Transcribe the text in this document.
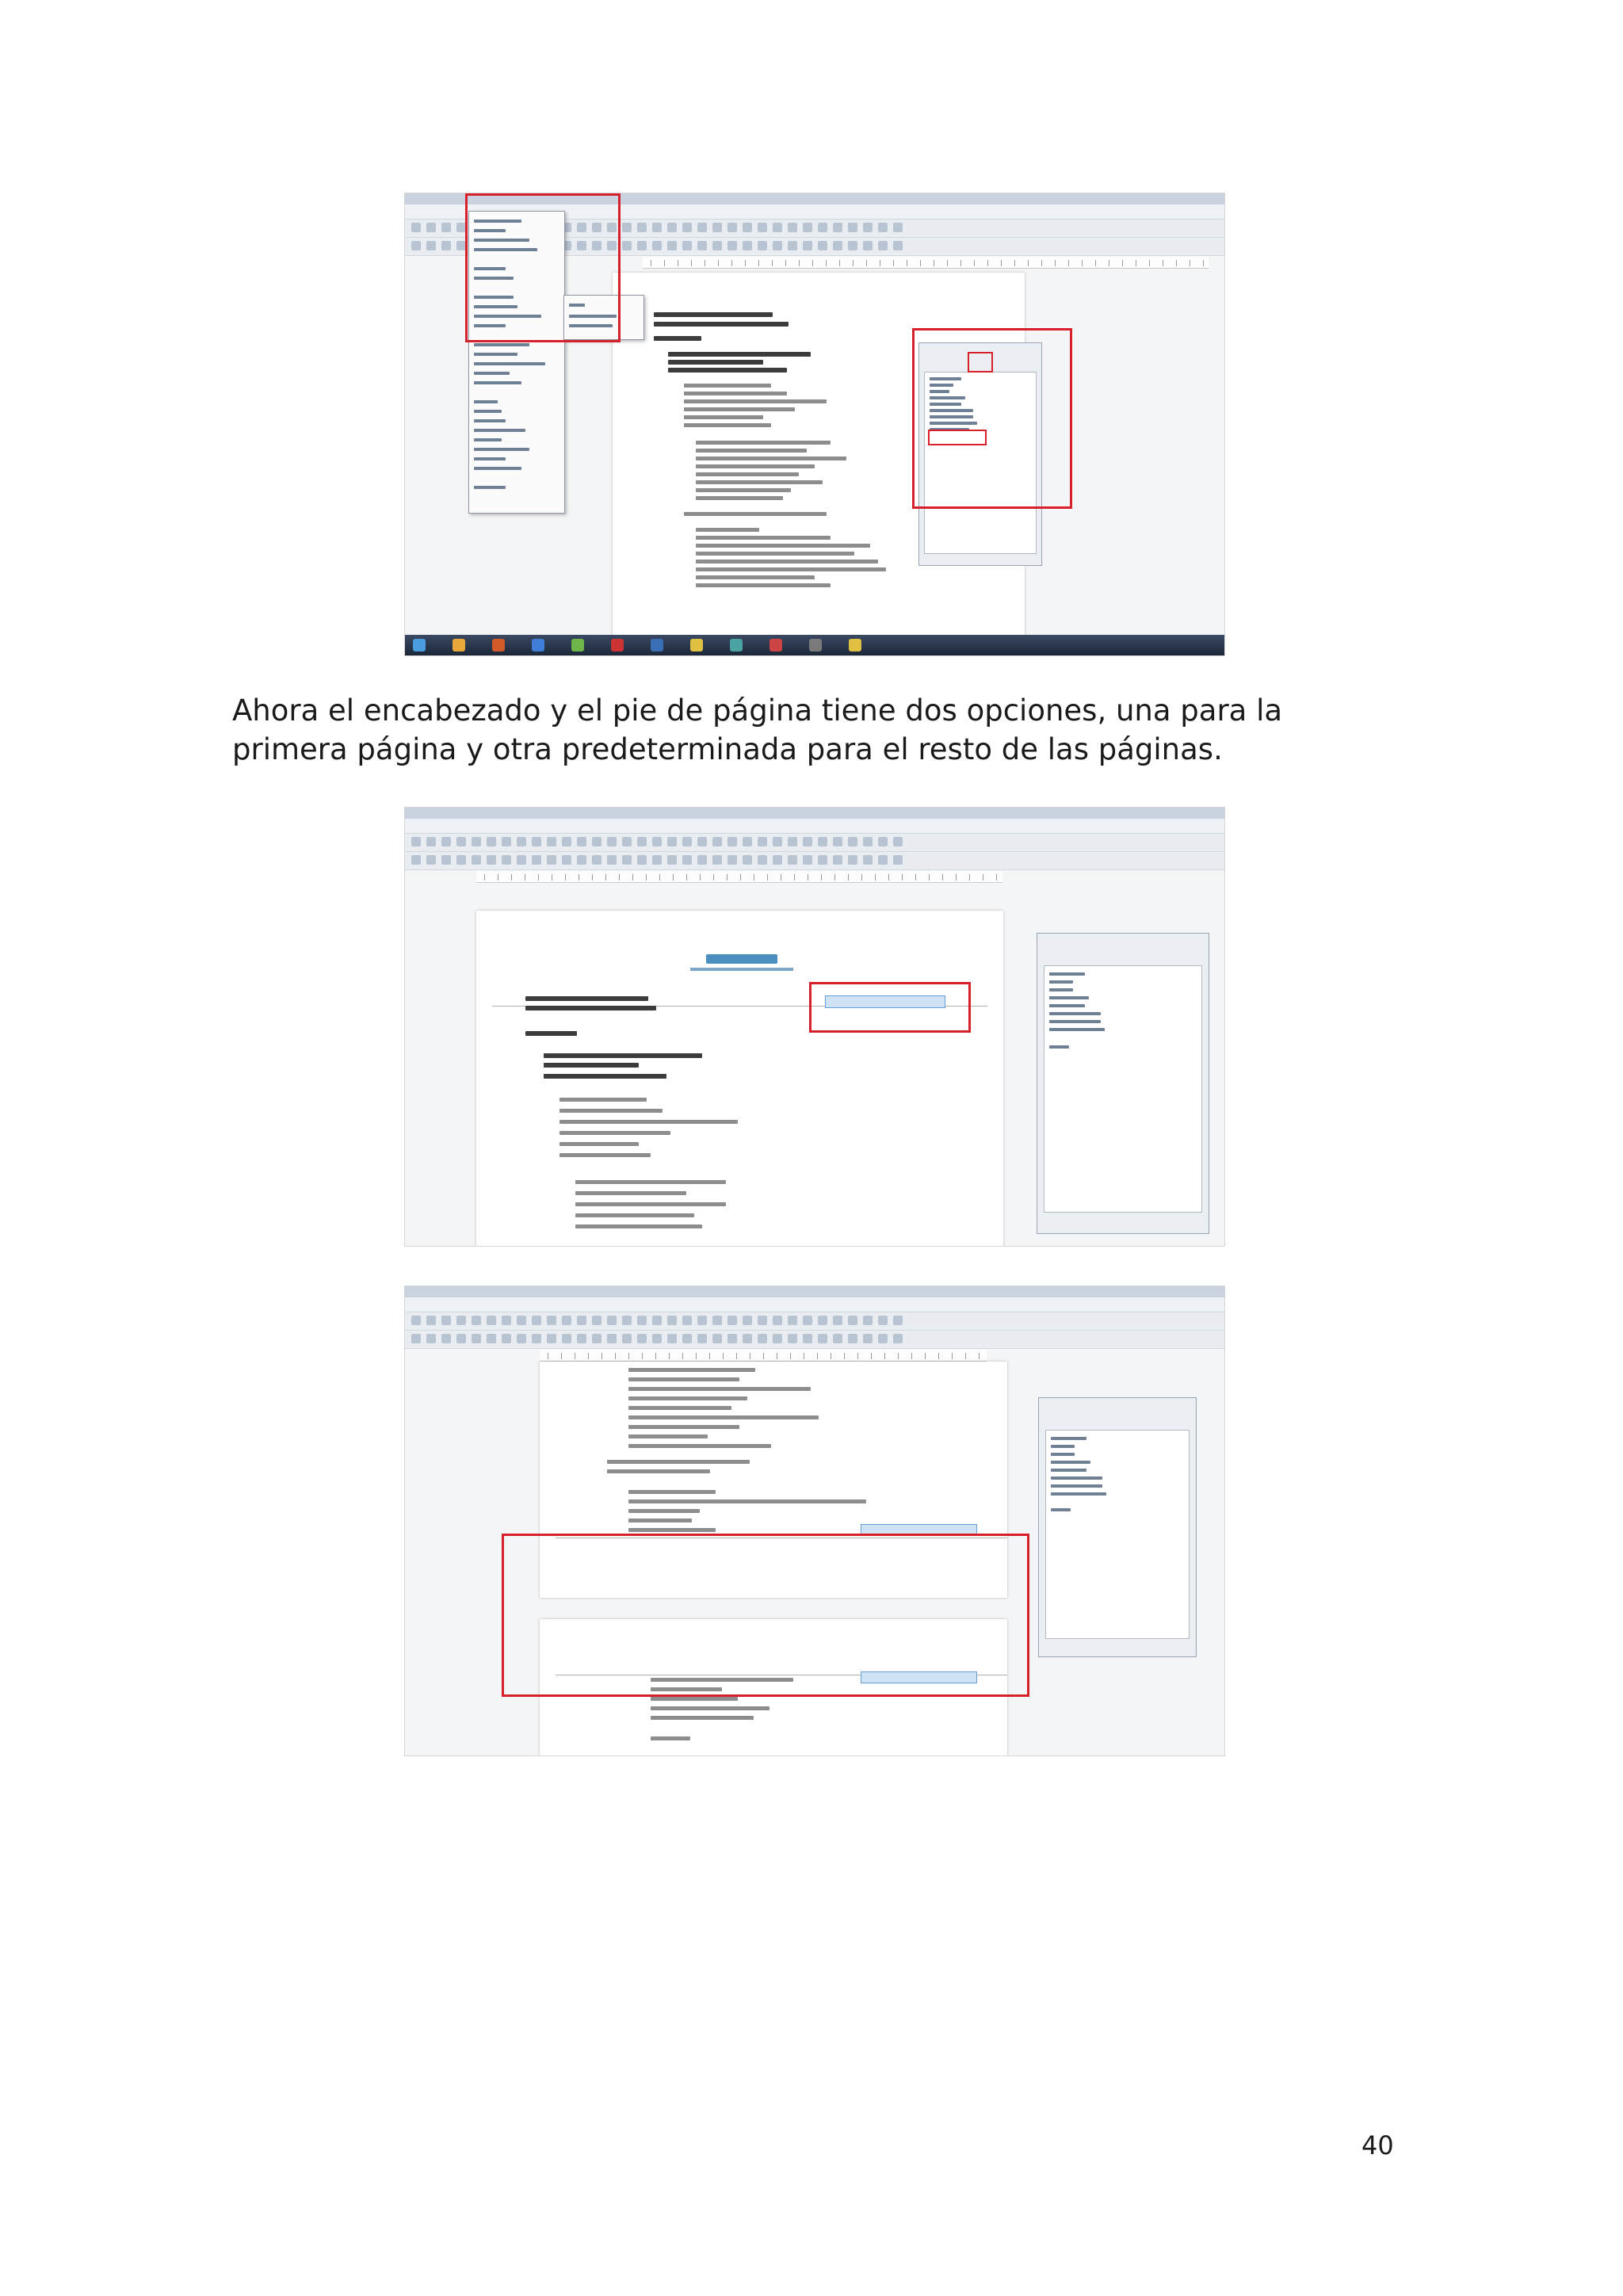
Ahora el encabezado y el pie de página tiene dos opciones, una para la primera página y otra predeterminada para el resto de las páginas.

40
